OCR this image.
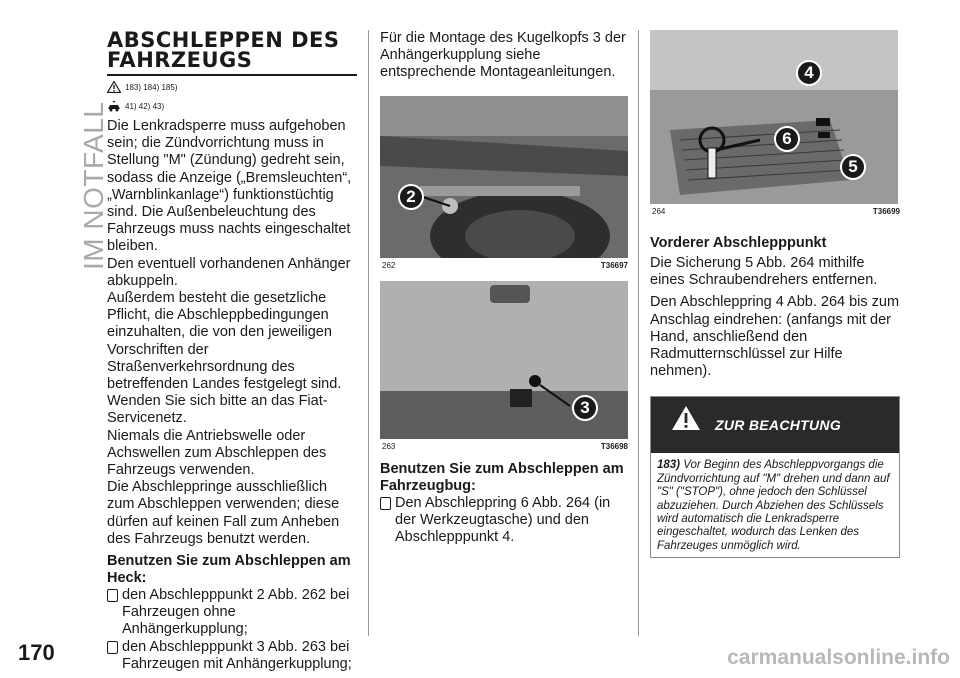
IM NOTFALL
170
ABSCHLEPPEN DES FAHRZEUGS
183) 184) 185)
41) 42) 43)

Die Lenkradsperre muss aufgehoben sein; die Zündvorrichtung muss in Stellung "M" (Zündung) gedreht sein, sodass die Anzeige („Bremsleuchten“, „Warnblinkanlage“) funktionstüchtig sind. Die Außenbeleuchtung des Fahrzeugs muss nachts eingeschaltet bleiben.

Den eventuell vorhandenen Anhänger abkuppeln.

Außerdem besteht die gesetzliche Pflicht, die Abschleppbedingungen einzuhalten, die von den jeweiligen Vorschriften der Straßenverkehrsordnung des betreffenden Landes festgelegt sind.

Wenden Sie sich bitte an das Fiat-Servicenetz.

Niemals die Antriebswelle oder Achswellen zum Abschleppen des Fahrzeugs verwenden.

Die Abschleppringe ausschließlich zum Abschleppen verwenden; diese dürfen auf keinen Fall zum Anheben des Fahrzeugs benutzt werden.

Benutzen Sie zum Abschleppen am Heck:
den Abschlepppunkt 2 Abb. 262 bei Fahrzeugen ohne Anhängerkupplung;
den Abschlepppunkt 3 Abb. 263 bei Fahrzeugen mit Anhängerkupplung;

Für die Montage des Kugelkopfs 3 der Anhängerkupplung siehe entsprechende Montageanleitungen.

2
262	T36697
3
263	T36698
Benutzen Sie zum Abschleppen am Fahrzeugbug:
Den Abschleppring 6 Abb. 264 (in der Werkzeugtasche) und den Abschlepppunkt 4.
4
6
5
264	T36699
Vorderer Abschlepppunkt

Die Sicherung 5 Abb. 264 mithilfe eines Schraubendrehers entfernen.

Den Abschleppring 4 Abb. 264 bis zum Anschlag eindrehen: (anfangs mit der Hand, anschließend den Radmutternschlüssel zur Hilfe nehmen).

ZUR BEACHTUNG
183) Vor Beginn des Abschleppvorgangs die Zündvorrichtung auf "M" drehen und dann auf "S" ("STOP"), ohne jedoch den Schlüssel abzuziehen. Durch Abziehen des Schlüssels wird automatisch die Lenkradsperre eingeschaltet, wodurch das Lenken des Fahrzeuges unmöglich wird.
carmanualsonline.info
